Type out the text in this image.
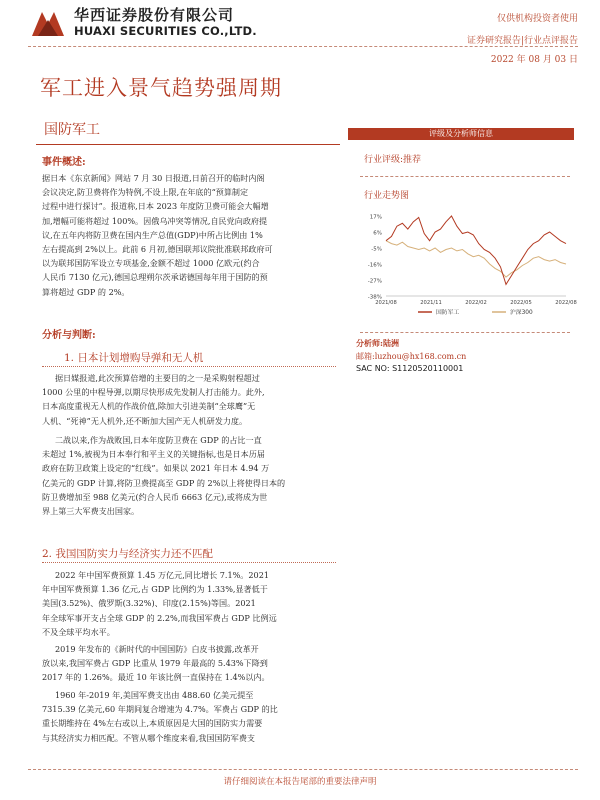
华西证券股份有限公司
HUAXI SECURITIES CO.,LTD.
仅供机构投资者使用
证券研究报告|行业点评报告
2022 年 08 月 03 日
军工进入景气趋势强周期
国防军工
事件概述:
据日本《东京新闻》网站 7 月 30 日报道,日前召开的临时内阁
会议决定,防卫费将作为特例,不设上限,在年底的“预算制定
过程中进行探讨”。报道称,日本 2023 年度防卫费可能会大幅增
加,增幅可能将超过 100%。因俄乌冲突等情况,自民党向政府提
议,在五年内将防卫费在国内生产总值(GDP)中所占比例由 1%
左右提高到 2%以上。此前 6 月初,德国联邦议院批准联邦政府可
以为联邦国防军设立专项基金,金额不超过 1000 亿欧元(约合
人民币 7130 亿元),德国总理朔尔茨承诺德国每年用于国防的预
算将超过 GDP 的 2%。
分析与判断:
1. 日本计划增购导弹和无人机
据日媒报道,此次预算倍增的主要目的之一是采购射程超过
1000 公里的中程导弹,以期尽快形成先发制人打击能力。此外,
日本高度重视无人机的作战价值,除加大引进美制“全球鹰”无
人机、“死神”无人机外,还不断加大国产无人机研发力度。
二战以来,作为战败国,日本年度防卫费在 GDP 的占比一直
未超过 1%,被视为日本奉行和平主义的关键指标,也是日本历届
政府在防卫政策上设定的“红线”。如果以 2021 年日本 4.94 万
亿美元的 GDP 计算,将防卫费提高至 GDP 的 2%以上将使得日本的
防卫费增加至 988 亿美元(约合人民币 6663 亿元),或将成为世
界上第三大军费支出国家。
2. 我国国防实力与经济实力还不匹配
2022 年中国军费预算 1.45 万亿元,同比增长 7.1%。2021
年中国军费预算 1.36 亿元,占 GDP 比例约为 1.33%,显著低于
美国(3.52%)、俄罗斯(3.32%)、印度(2.15%)等国。2021
年全球军事开支占全球 GDP 的 2.2%,而我国军费占 GDP 比例远
不及全球平均水平。
2019 年发布的《新时代的中国国防》白皮书披露,改革开
放以来,我国军费占 GDP 比重从 1979 年最高的 5.43%下降到
2017 年的 1.26%。最近 10 年该比例一直保持在 1.4%以内。
1960 年-2019 年,美国军费支出由 488.60 亿美元提至
7315.39 亿美元,60 年期间复合增速为 4.7%。军费占 GDP 的比
重长期维持在 4%左右或以上,本质原因是大国的国防实力需要
与其经济实力相匹配。不管从哪个维度来看,我国国防军费支
评级及分析师信息
行业评级:推荐
行业走势图
17%
6%
-5%
-16%
-27%
-38%
2021/08	2021/11	2022/02	2022/05	2022/08
国防军工	沪深300
分析师:陆洲
邮箱:luzhou@hx168.com.cn
SAC NO: S1120520110001
请仔细阅读在本报告尾部的重要法律声明
